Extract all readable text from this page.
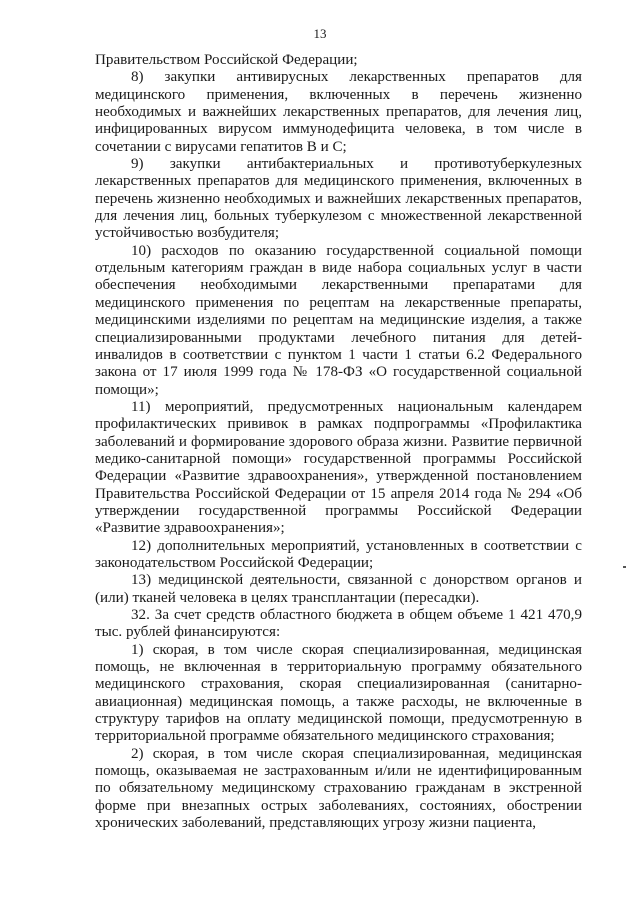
13

Правительством Российской Федерации;

8) закупки антивирусных лекарственных препаратов для медицинского применения, включенных в перечень жизненно необходимых и важнейших лекарственных препаратов, для лечения лиц, инфицированных вирусом иммунодефицита человека, в том числе в сочетании с вирусами гепатитов B и C;

9) закупки антибактериальных и противотуберкулезных лекарственных препаратов для медицинского применения, включенных в перечень жизненно необходимых и важнейших лекарственных препаратов, для лечения лиц, больных туберкулезом с множественной лекарственной устойчивостью возбудителя;

10) расходов по оказанию государственной социальной помощи отдельным категориям граждан в виде набора социальных услуг в части обеспечения необходимыми лекарственными препаратами для медицинского применения по рецептам на лекарственные препараты, медицинскими изделиями по рецептам на медицинские изделия, а также специализированными продуктами лечебного питания для детей-инвалидов в соответствии с пунктом 1 части 1 статьи 6.2 Федерального закона от 17 июля 1999 года № 178-ФЗ «О государственной социальной помощи»;

11) мероприятий, предусмотренных национальным календарем профилактических прививок в рамках подпрограммы «Профилактика заболеваний и формирование здорового образа жизни. Развитие первичной медико-санитарной помощи» государственной программы Российской Федерации «Развитие здравоохранения», утвержденной постановлением Правительства Российской Федерации от 15 апреля 2014 года № 294 «Об утверждении государственной программы Российской Федерации «Развитие здравоохранения»;

12) дополнительных мероприятий, установленных в соответствии с законодательством Российской Федерации;

13) медицинской деятельности, связанной с донорством органов и (или) тканей человека в целях трансплантации (пересадки).

32. За счет средств областного бюджета в общем объеме 1 421 470,9 тыс. рублей финансируются:

1) скорая, в том числе скорая специализированная, медицинская помощь, не включенная в территориальную программу обязательного медицинского страхования, скорая специализированная (санитарно-авиационная) медицинская помощь, а также расходы, не включенные в структуру тарифов на оплату медицинской помощи, предусмотренную в территориальной программе обязательного медицинского страхования;

2) скорая, в том числе скорая специализированная, медицинская помощь, оказываемая не застрахованным и/или не идентифицированным по обязательному медицинскому страхованию гражданам в экстренной форме при внезапных острых заболеваниях, состояниях, обострении хронических заболеваний, представляющих угрозу жизни пациента,
